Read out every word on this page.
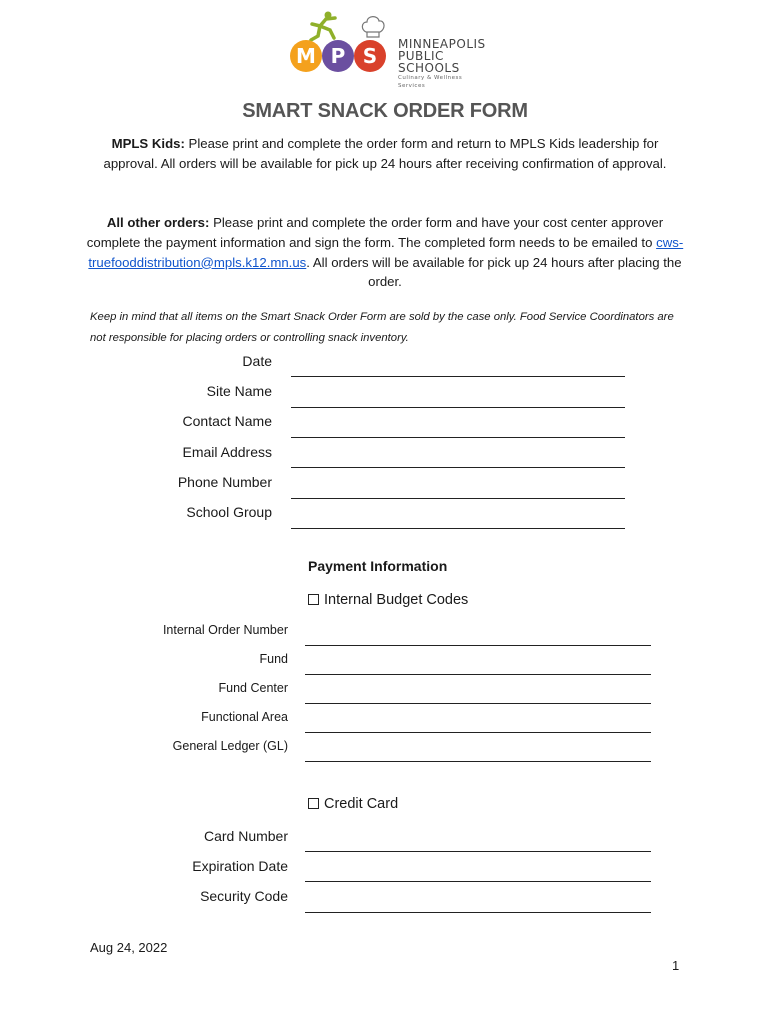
M P S	MINNEAPOLIS
PUBLIC SCHOOLS
Culinary & Wellness Services
SMART SNACK ORDER FORM
MPLS Kids: Please print and complete the order form and return to MPLS Kids leadership for approval. All orders will be available for pick up 24 hours after receiving confirmation of approval.
All other orders: Please print and complete the order form and have your cost center approver complete the payment information and sign the form. The completed form needs to be emailed to cws-truefooddistribution@mpls.k12.mn.us. All orders will be available for pick up 24 hours after placing the order.
Keep in mind that all items on the Smart Snack Order Form are sold by the case only. Food Service Coordinators are not responsible for placing orders or controlling snack inventory.
Date
Site Name
Contact Name
Email Address
Phone Number
School Group
Payment Information
Internal Budget Codes
Internal Order Number
Fund
Fund Center
Functional Area
General Ledger (GL)
Credit Card
Card Number
Expiration Date
Security Code
Aug 24, 2022
1
